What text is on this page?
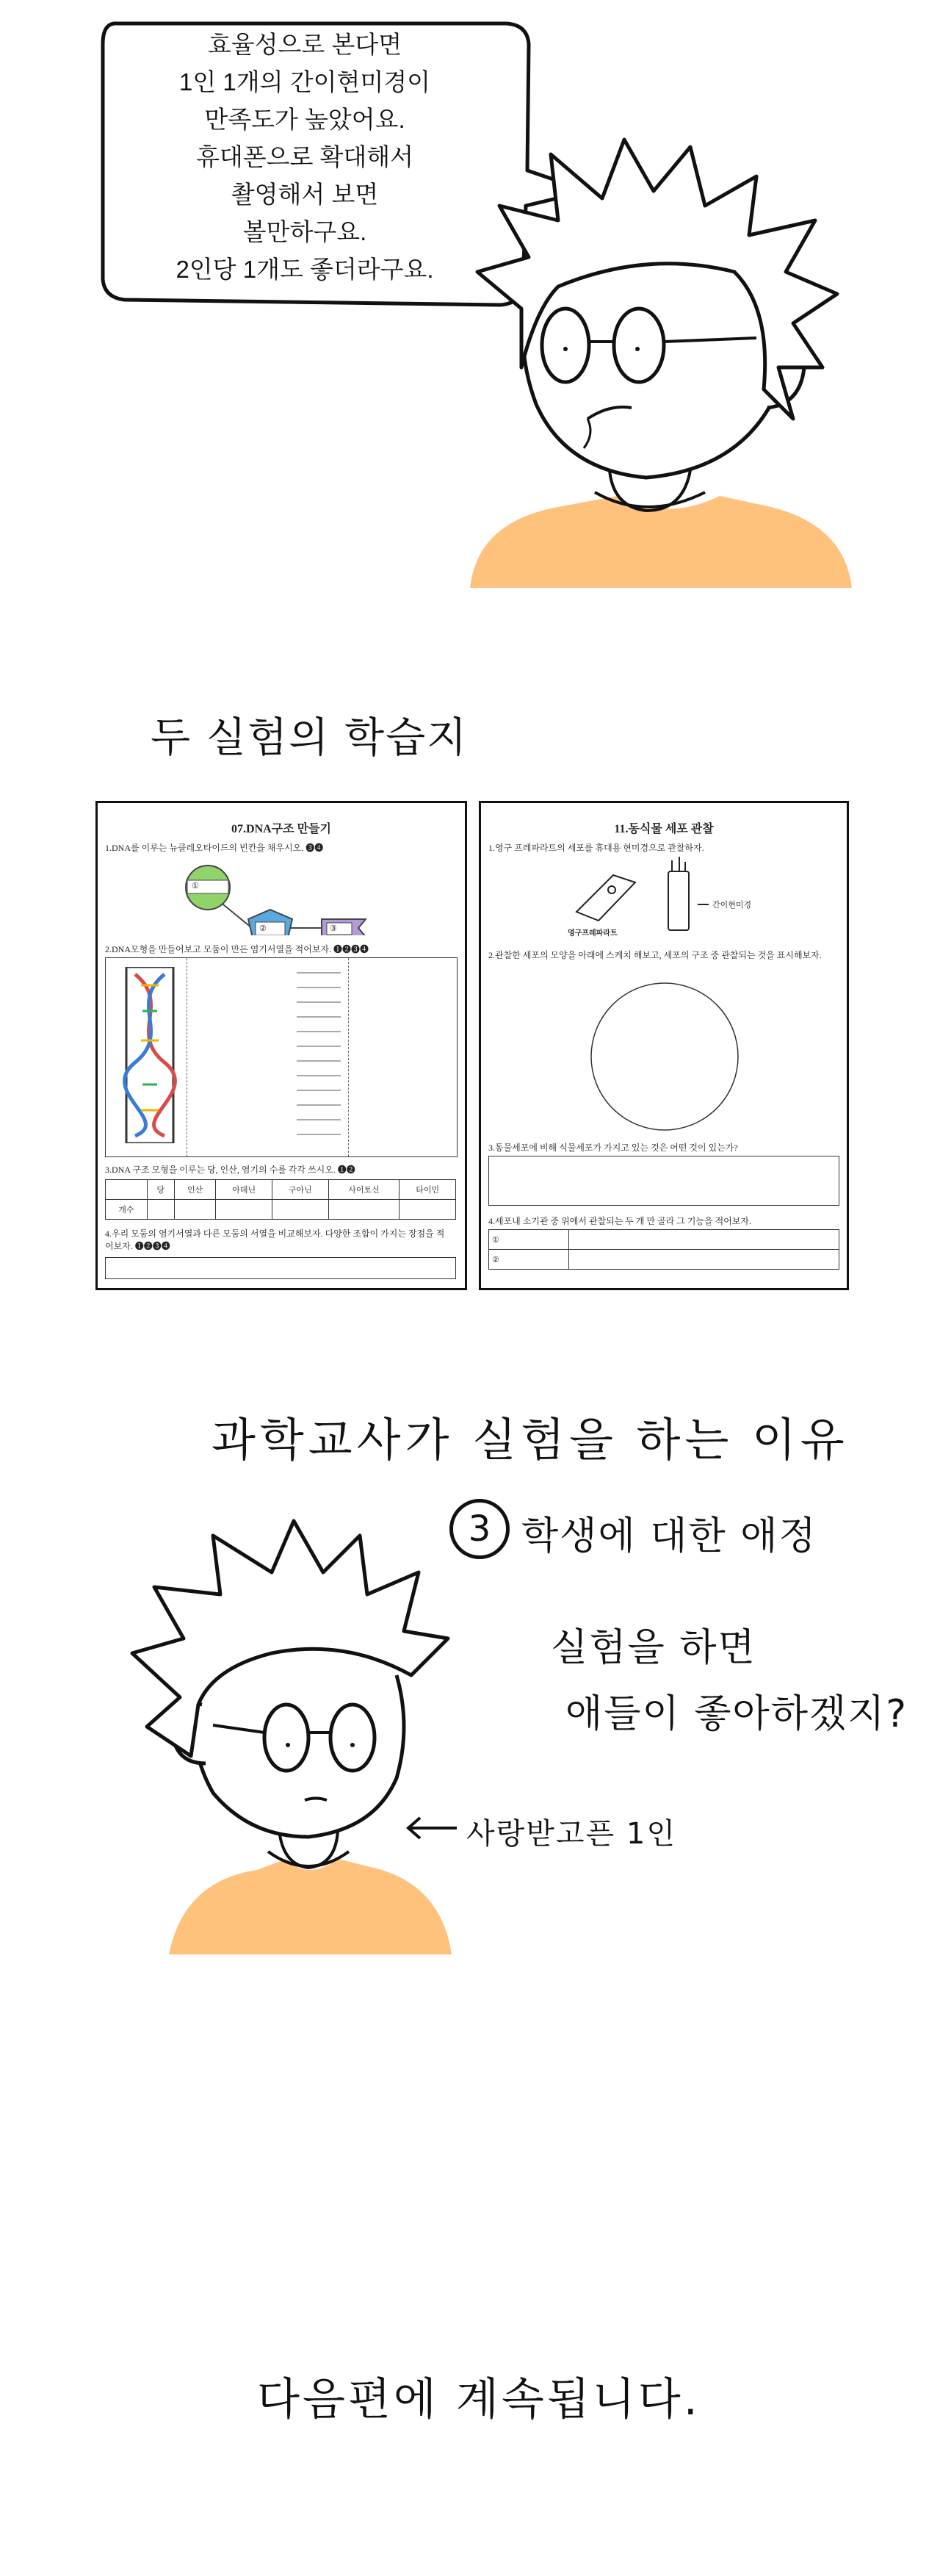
효율성으로 본다면
1인 1개의 간이현미경이
만족도가 높았어요.
휴대폰으로 확대해서
촬영해서 보면
볼만하구요.
2인당 1개도 좋더라구요.
두 실험의 학습지
07.DNA구조 만들기
1.DNA를 이루는 뉴클레오타이드의 빈칸을 채우시오. ❸❹
①
②	③
2.DNA모형을 만들어보고 모둠이 만든 염기서열을 적어보자. ❶❷❸❹
3.DNA 구조 모형을 이루는 당, 인산, 염기의 수를 각각 쓰시오. ❶❷
	당	인산	아데닌	구아닌	사이토신	타이민
개수						
4.우리 모둠의 염기서열과 다른 모둠의 서열을 비교해보자. 다양한 조합이 가지는 장점을 적어보자. ❶❷❸❹
11.동식물 세포 관찰
1.영구 프레파라트의 세포를 휴대용 현미경으로 관찰하자.
영구프레파라트
간이현미경
2.관찰한 세포의 모양을 아래에 스케치 해보고, 세포의 구조 중 관찰되는 것을 표시해보자.
3.동물세포에 비해 식물세포가 가지고 있는 것은 어떤 것이 있는가?
4.세포내 소기관 중 위에서 관찰되는 두 개 만 골라 그 기능을 적어보자.
①	
②	
과학교사가 실험을 하는 이유
3 학생에 대한 애정
실험을 하면
애들이 좋아하겠지?
사랑받고픈 1인
다음편에 계속됩니다.
